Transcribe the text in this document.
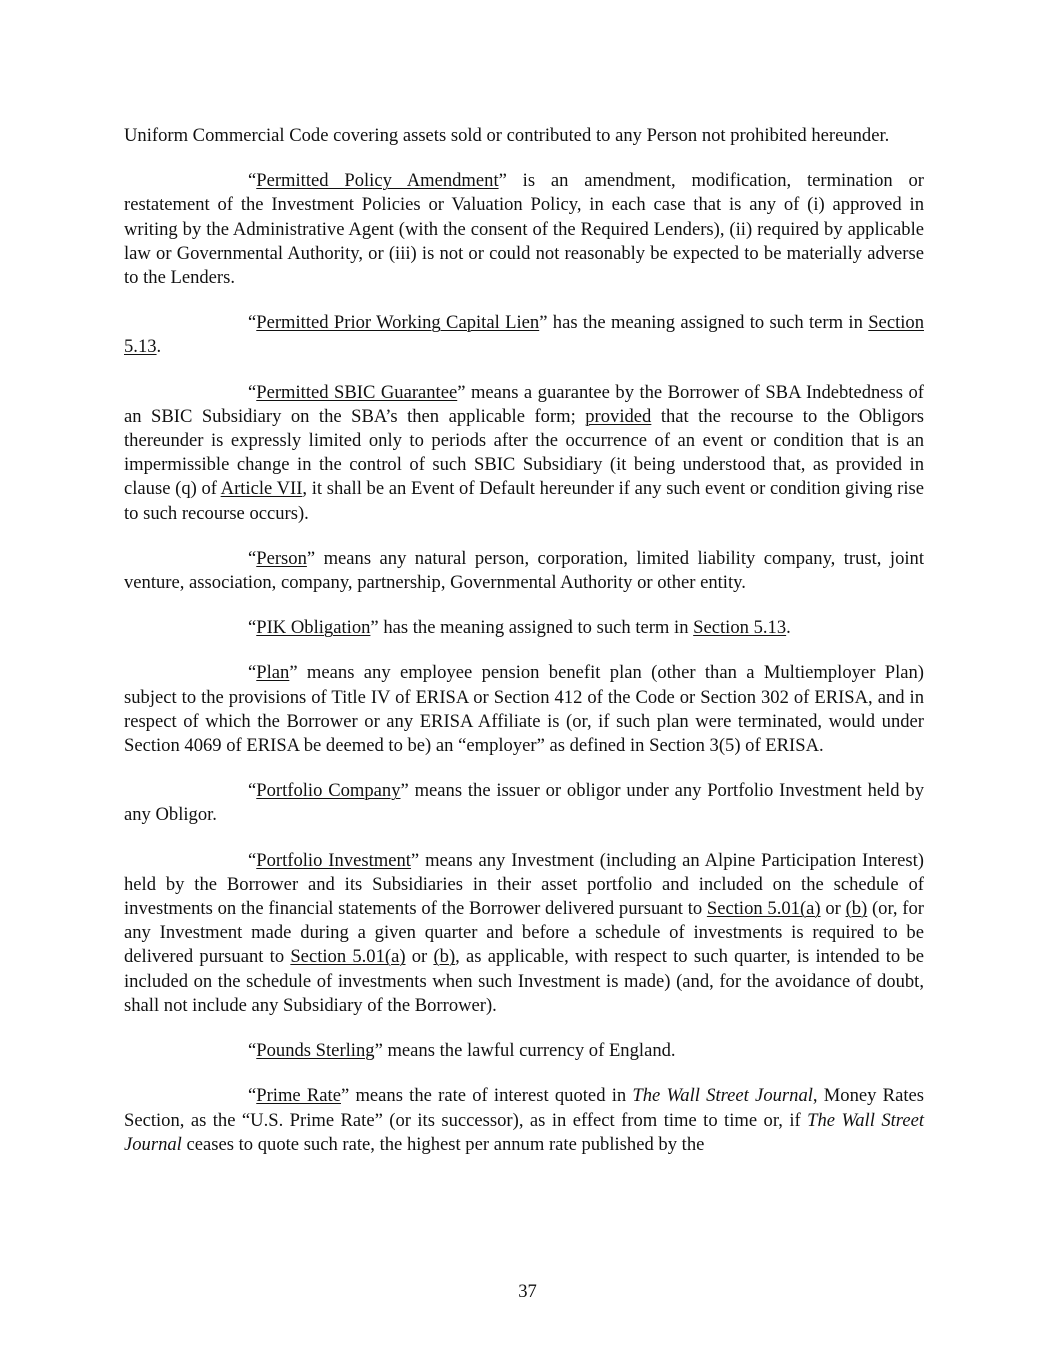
Uniform Commercial Code covering assets sold or contributed to any Person not prohibited hereunder.

“Permitted Policy Amendment” is an amendment, modification, termination or restatement of the Investment Policies or Valuation Policy, in each case that is any of (i) approved in writing by the Administrative Agent (with the consent of the Required Lenders), (ii) required by applicable law or Governmental Authority, or (iii) is not or could not reasonably be expected to be materially adverse to the Lenders.

“Permitted Prior Working Capital Lien” has the meaning assigned to such term in Section 5.13.

“Permitted SBIC Guarantee” means a guarantee by the Borrower of SBA Indebtedness of an SBIC Subsidiary on the SBA’s then applicable form; provided that the recourse to the Obligors thereunder is expressly limited only to periods after the occurrence of an event or condition that is an impermissible change in the control of such SBIC Subsidiary (it being understood that, as provided in clause (q) of Article VII, it shall be an Event of Default hereunder if any such event or condition giving rise to such recourse occurs).

“Person” means any natural person, corporation, limited liability company, trust, joint venture, association, company, partnership, Governmental Authority or other entity.

“PIK Obligation” has the meaning assigned to such term in Section 5.13.

“Plan” means any employee pension benefit plan (other than a Multiemployer Plan) subject to the provisions of Title IV of ERISA or Section 412 of the Code or Section 302 of ERISA, and in respect of which the Borrower or any ERISA Affiliate is (or, if such plan were terminated, would under Section 4069 of ERISA be deemed to be) an “employer” as defined in Section 3(5) of ERISA.

“Portfolio Company” means the issuer or obligor under any Portfolio Investment held by any Obligor.

“Portfolio Investment” means any Investment (including an Alpine Participation Interest) held by the Borrower and its Subsidiaries in their asset portfolio and included on the schedule of investments on the financial statements of the Borrower delivered pursuant to Section 5.01(a) or (b) (or, for any Investment made during a given quarter and before a schedule of investments is required to be delivered pursuant to Section 5.01(a) or (b), as applicable, with respect to such quarter, is intended to be included on the schedule of investments when such Investment is made) (and, for the avoidance of doubt, shall not include any Subsidiary of the Borrower).

“Pounds Sterling” means the lawful currency of England.

“Prime Rate” means the rate of interest quoted in The Wall Street Journal, Money Rates Section, as the “U.S. Prime Rate” (or its successor), as in effect from time to time or, if The Wall Street Journal ceases to quote such rate, the highest per annum rate published by the

37
